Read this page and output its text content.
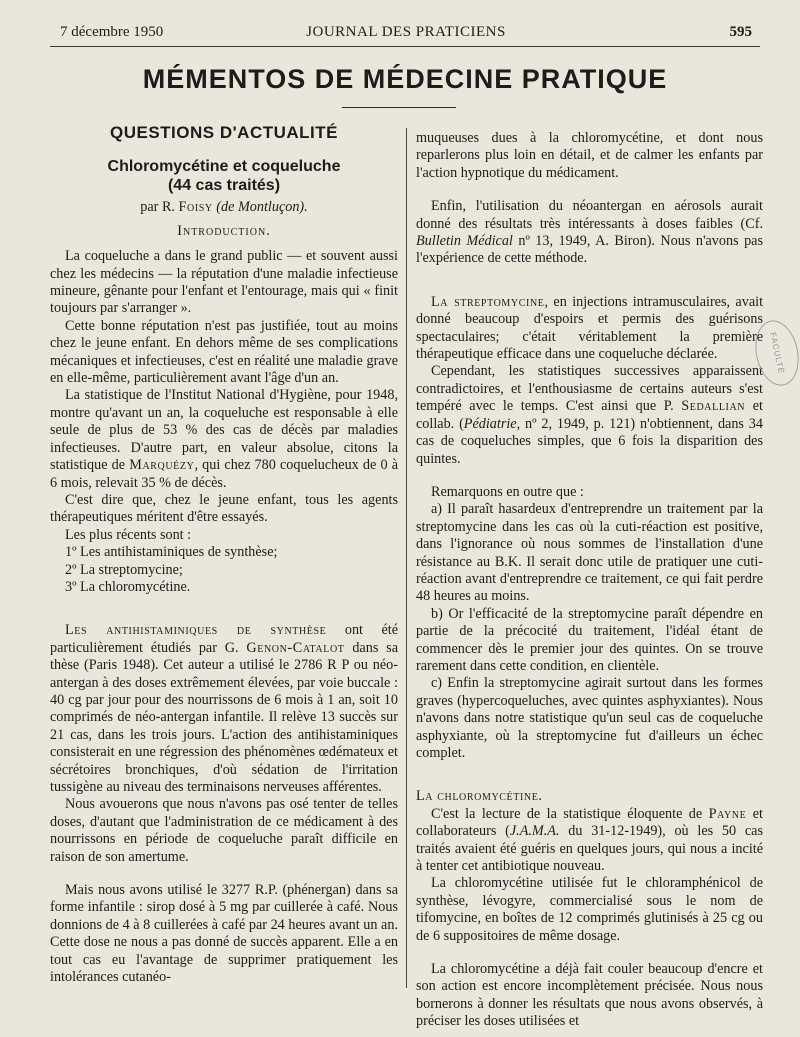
7 décembre 1950	JOURNAL DES PRATICIENS	595
MÉMENTOS DE MÉDECINE PRATIQUE
QUESTIONS D'ACTUALITÉ
Chloromycétine et coqueluche
(44 cas traités)
par R. Foisy (de Montluçon).
Introduction.

La coqueluche a dans le grand public — et souvent aussi chez les médecins — la réputation d'une maladie infectieuse mineure, gênante pour l'enfant et l'entourage, mais qui « finit toujours par s'arranger ».

Cette bonne réputation n'est pas justifiée, tout au moins chez le jeune enfant. En dehors même de ses complications mécaniques et infectieuses, c'est en réalité une maladie grave en elle-même, particulièrement avant l'âge d'un an.

La statistique de l'Institut National d'Hygiène, pour 1948, montre qu'avant un an, la coqueluche est responsable à elle seule de plus de 53 % des cas de décès par maladies infectieuses. D'autre part, en valeur absolue, citons la statistique de Marquézy, qui chez 780 coquelucheux de 0 à 6 mois, relevait 35 % de décès.

C'est dire que, chez le jeune enfant, tous les agents thérapeutiques méritent d'être essayés.

Les plus récents sont :

1º Les antihistaminiques de synthèse;

2º La streptomycine;

3º La chloromycétine.

Les antihistaminiques de synthèse ont été particulièrement étudiés par G. Genon-Catalot dans sa thèse (Paris 1948). Cet auteur a utilisé le 2786 R P ou néo-antergan à des doses extrêmement élevées, par voie buccale : 40 cg par jour pour des nourrissons de 6 mois à 1 an, soit 10 comprimés de néo-antergan infantile. Il relève 13 succès sur 21 cas, dans les trois jours. L'action des antihistaminiques consisterait en une régression des phénomènes œdémateux et sécrétoires bronchiques, d'où sédation de l'irritation tussigène au niveau des terminaisons nerveuses afférentes.

Nous avouerons que nous n'avons pas osé tenter de telles doses, d'autant que l'administration de ce médicament à des nourrissons en période de coqueluche paraît difficile en raison de son amertume.

Mais nous avons utilisé le 3277 R.P. (phénergan) dans sa forme infantile : sirop dosé à 5 mg par cuillerée à café. Nous donnions de 4 à 8 cuillerées à café par 24 heures avant un an. Cette dose ne nous a pas donné de succès apparent. Elle a en tout cas eu l'avantage de supprimer pratiquement les intolérances cutanéo-

muqueuses dues à la chloromycétine, et dont nous reparlerons plus loin en détail, et de calmer les enfants par l'action hypnotique du médicament.

Enfin, l'utilisation du néoantergan en aérosols aurait donné des résultats très intéressants à doses faibles (Cf. Bulletin Médical nº 13, 1949, A. Biron). Nous n'avons pas l'expérience de cette méthode.

La streptomycine, en injections intramusculaires, avait donné beaucoup d'espoirs et permis des guérisons spectaculaires; c'était véritablement la première thérapeutique efficace dans une coqueluche déclarée.

Cependant, les statistiques successives apparaissent contradictoires, et l'enthousiasme de certains auteurs s'est tempéré avec le temps. C'est ainsi que P. Sedallian et collab. (Pédiatrie, nº 2, 1949, p. 121) n'obtiennent, dans 34 cas de coqueluches simples, que 6 fois la disparition des quintes.

Remarquons en outre que :

a) Il paraît hasardeux d'entreprendre un traitement par la streptomycine dans les cas où la cuti-réaction est positive, dans l'ignorance où nous sommes de l'installation d'une résistance au B.K. Il serait donc utile de pratiquer une cuti-réaction avant d'entreprendre ce traitement, ce qui fait perdre 48 heures au moins.

b) Or l'efficacité de la streptomycine paraît dépendre en partie de la précocité du traitement, l'idéal étant de commencer dès le premier jour des quintes. On se trouve rarement dans cette condition, en clientèle.

c) Enfin la streptomycine agirait surtout dans les formes graves (hypercoqueluches, avec quintes asphyxiantes). Nous n'avons dans notre statistique qu'un seul cas de coqueluche asphyxiante, où la streptomycine fut d'ailleurs un échec complet.

La chloromycétine.

C'est la lecture de la statistique éloquente de Payne et collaborateurs (J.A.M.A. du 31-12-1949), où les 50 cas traités avaient été guéris en quelques jours, qui nous a incité à tenter cet antibiotique nouveau.

La chloromycétine utilisée fut le chloramphénicol de synthèse, lévogyre, commercialisé sous le nom de tifomycine, en boîtes de 12 comprimés glutinisés à 25 cg ou de 6 suppositoires de même dosage.

La chloromycétine a déjà fait couler beaucoup d'encre et son action est encore incomplètement précisée. Nous nous bornerons à donner les résultats que nous avons observés, à préciser les doses utilisées et

FACULTÉ
